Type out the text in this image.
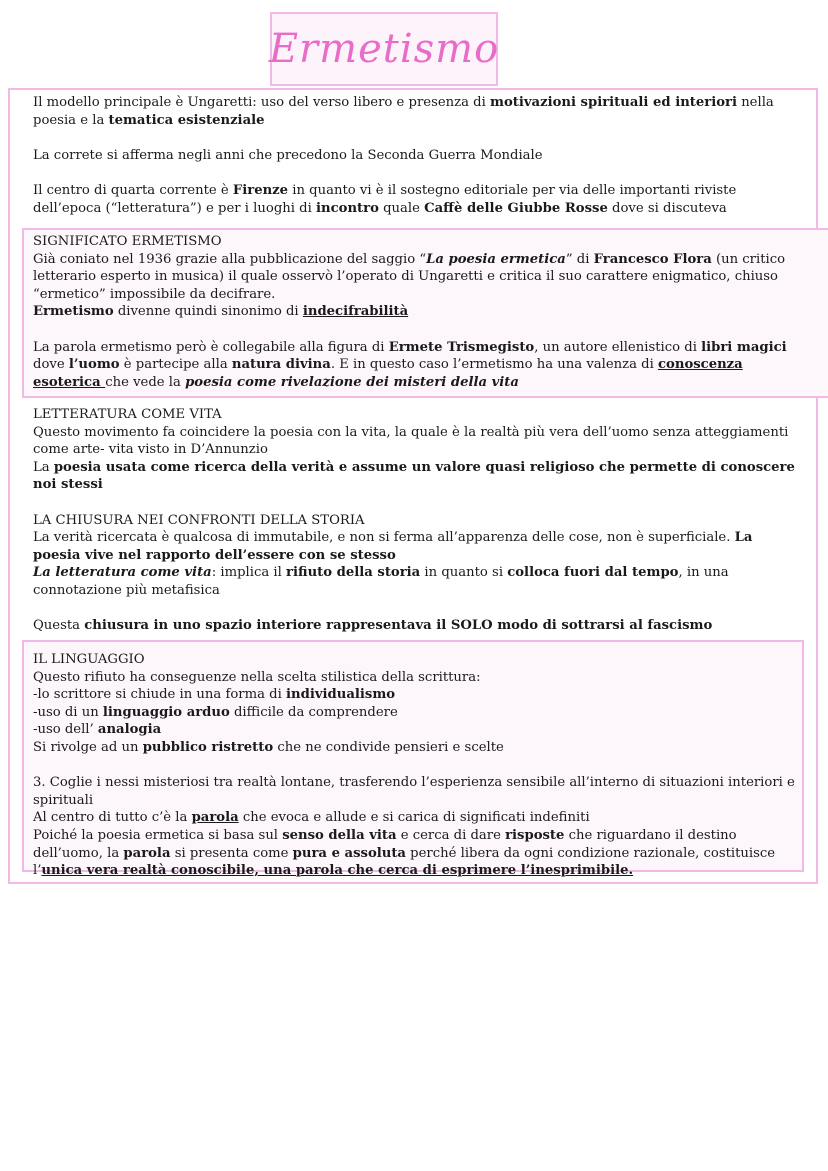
Ermetismo

Il modello principale è Ungaretti: uso del verso libero e presenza di motivazioni spirituali ed interiori nella poesia e la tematica esistenziale

La correte si afferma negli anni che precedono la Seconda Guerra Mondiale

Il centro di quarta corrente è Firenze in quanto vi è il sostegno editoriale per via delle importanti riviste dell’epoca (“letteratura”) e per i luoghi di incontro quale Caffè delle Giubbe Rosse dove si discuteva

SIGNIFICATO ERMETISMO

Già coniato nel 1936 grazie alla pubblicazione del saggio “La poesia ermetica” di Francesco Flora (un critico letterario esperto in musica) il quale osservò l’operato di Ungaretti e critica il suo carattere enigmatico, chiuso “ermetico” impossibile da decifrare.

Ermetismo divenne quindi sinonimo di indecifrabilità

La parola ermetismo però è collegabile alla figura di Ermete Trismegisto, un autore ellenistico di libri magici dove l’uomo è partecipe alla natura divina. E in questo caso l’ermetismo ha una valenza di conoscenza esoterica che vede la poesia come rivelazione dei misteri della vita

LETTERATURA COME VITA

Questo movimento fa coincidere la poesia con la vita, la quale è la realtà più vera dell’uomo senza atteggiamenti come arte- vita visto in D’Annunzio

La poesia usata come ricerca della verità e assume un valore quasi religioso che permette di conoscere noi stessi

LA CHIUSURA NEI CONFRONTI DELLA STORIA

La verità ricercata è qualcosa di immutabile, e non si ferma all’apparenza delle cose, non è superficiale. La poesia vive nel rapporto dell’essere con se stesso

La letteratura come vita: implica il rifiuto della storia in quanto si colloca fuori dal tempo, in una connotazione più metafisica

Questa chiusura in uno spazio interiore rappresentava il SOLO modo di sottrarsi al fascismo

IL LINGUAGGIO

Questo rifiuto ha conseguenze nella scelta stilistica della scrittura:

-lo scrittore si chiude in una forma di individualismo

-uso di un linguaggio arduo difficile da comprendere

-uso dell’ analogia

Si rivolge ad un pubblico ristretto che ne condivide pensieri e scelte

3. Coglie i nessi misteriosi tra realtà lontane, trasferendo l’esperienza sensibile all’interno di situazioni interiori e spirituali

Al centro di tutto c’è la parola che evoca e allude e si carica di significati indefiniti

Poiché la poesia ermetica si basa sul senso della vita e cerca di dare risposte che riguardano il destino dell’uomo, la parola si presenta come pura e assoluta perché libera da ogni condizione razionale, costituisce l’unica vera realtà conoscibile, una parola che cerca di esprimere l’inesprimibile.
